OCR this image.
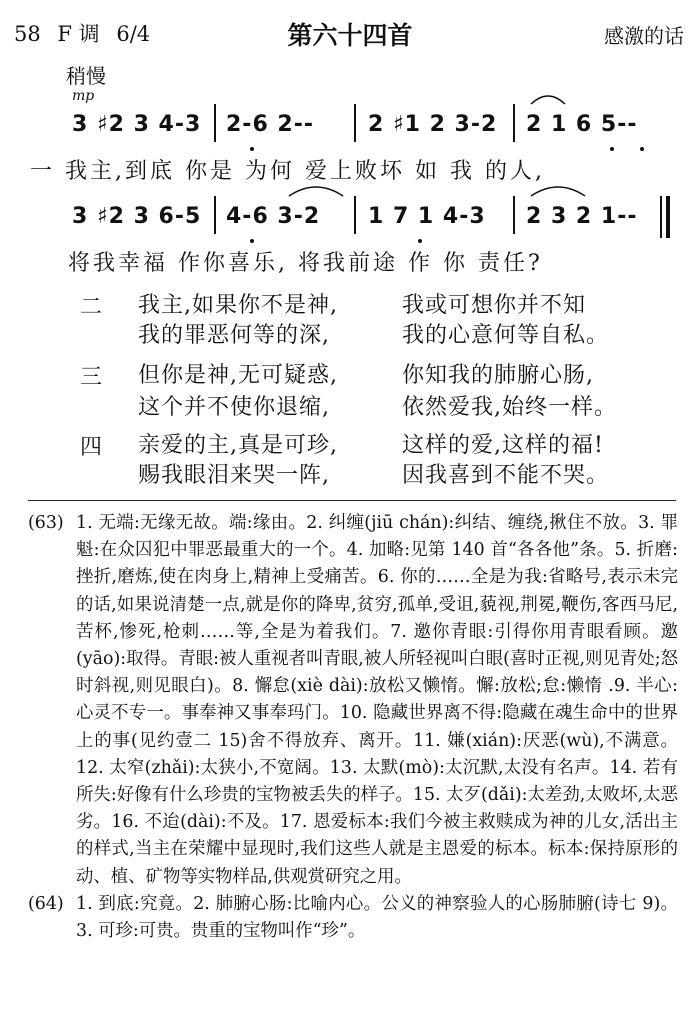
58 F 调 6/4	第六十四首	感激的话
稍慢
mp
3 ♯2 3 4-3 2-6 2-- 2 ♯1 2 3-2 2 1 6 5--
一 我主,到底 你是 为何 爱上败坏 如 我 的人,
3 ♯2 3 6-5 4-6 3-2 1 7 1 4-3 2 3 2 1--
将我幸福 作你喜乐, 将我前途 作 你 责任?
二 我主,如果你不是神,	我或可想你并不知
我的罪恶何等的深,	我的心意何等自私。
三 但你是神,无可疑惑,	你知我的肺腑心肠,
这个并不使你退缩,	依然爱我,始终一样。
四 亲爱的主,真是可珍,	这样的爱,这样的福!
赐我眼泪来哭一阵,	因我喜到不能不哭。
(63) 1. 无端:无缘无故。端:缘由。2. 纠缠(jiū chán):纠结、缠绕,揪住不放。3. 罪魁:在众囚犯中罪恶最重大的一个。4. 加略:见第 140 首“各各他”条。5. 折磨:挫折,磨炼,使在肉身上,精神上受痛苦。6. 你的……全是为我:省略号,表示未完的话,如果说清楚一点,就是你的降卑,贫穷,孤单,受诅,藐视,荆冕,鞭伤,客西马尼,苦杯,惨死,枪刺……等,全是为着我们。7. 邀你青眼:引得你用青眼看顾。邀(yāo):取得。青眼:被人重视者叫青眼,被人所轻视叫白眼(喜时正视,则见青处;怒时斜视,则见眼白)。8. 懈怠(xiè dài):放松又懒惰。懈:放松;怠:懒惰 .9. 半心:心灵不专一。事奉神又事奉玛门。10. 隐藏世界离不得:隐藏在魂生命中的世界上的事(见约壹二 15)舍不得放弃、离开。11. 嫌(xián):厌恶(wù),不满意。12. 太窄(zhǎi):太狭小,不宽阔。13. 太默(mò):太沉默,太没有名声。14. 若有所失:好像有什么珍贵的宝物被丢失的样子。15. 太歹(dǎi):太差劲,太败坏,太恶劣。16. 不迨(dài):不及。17. 恩爱标本:我们今被主救赎成为神的儿女,活出主的样式,当主在荣耀中显现时,我们这些人就是主恩爱的标本。标本:保持原形的动、植、矿物等实物样品,供观赏研究之用。
(64) 1. 到底:究竟。2. 肺腑心肠:比喻内心。公义的神察验人的心肠肺腑(诗七 9)。3. 可珍:可贵。贵重的宝物叫作“珍”。
